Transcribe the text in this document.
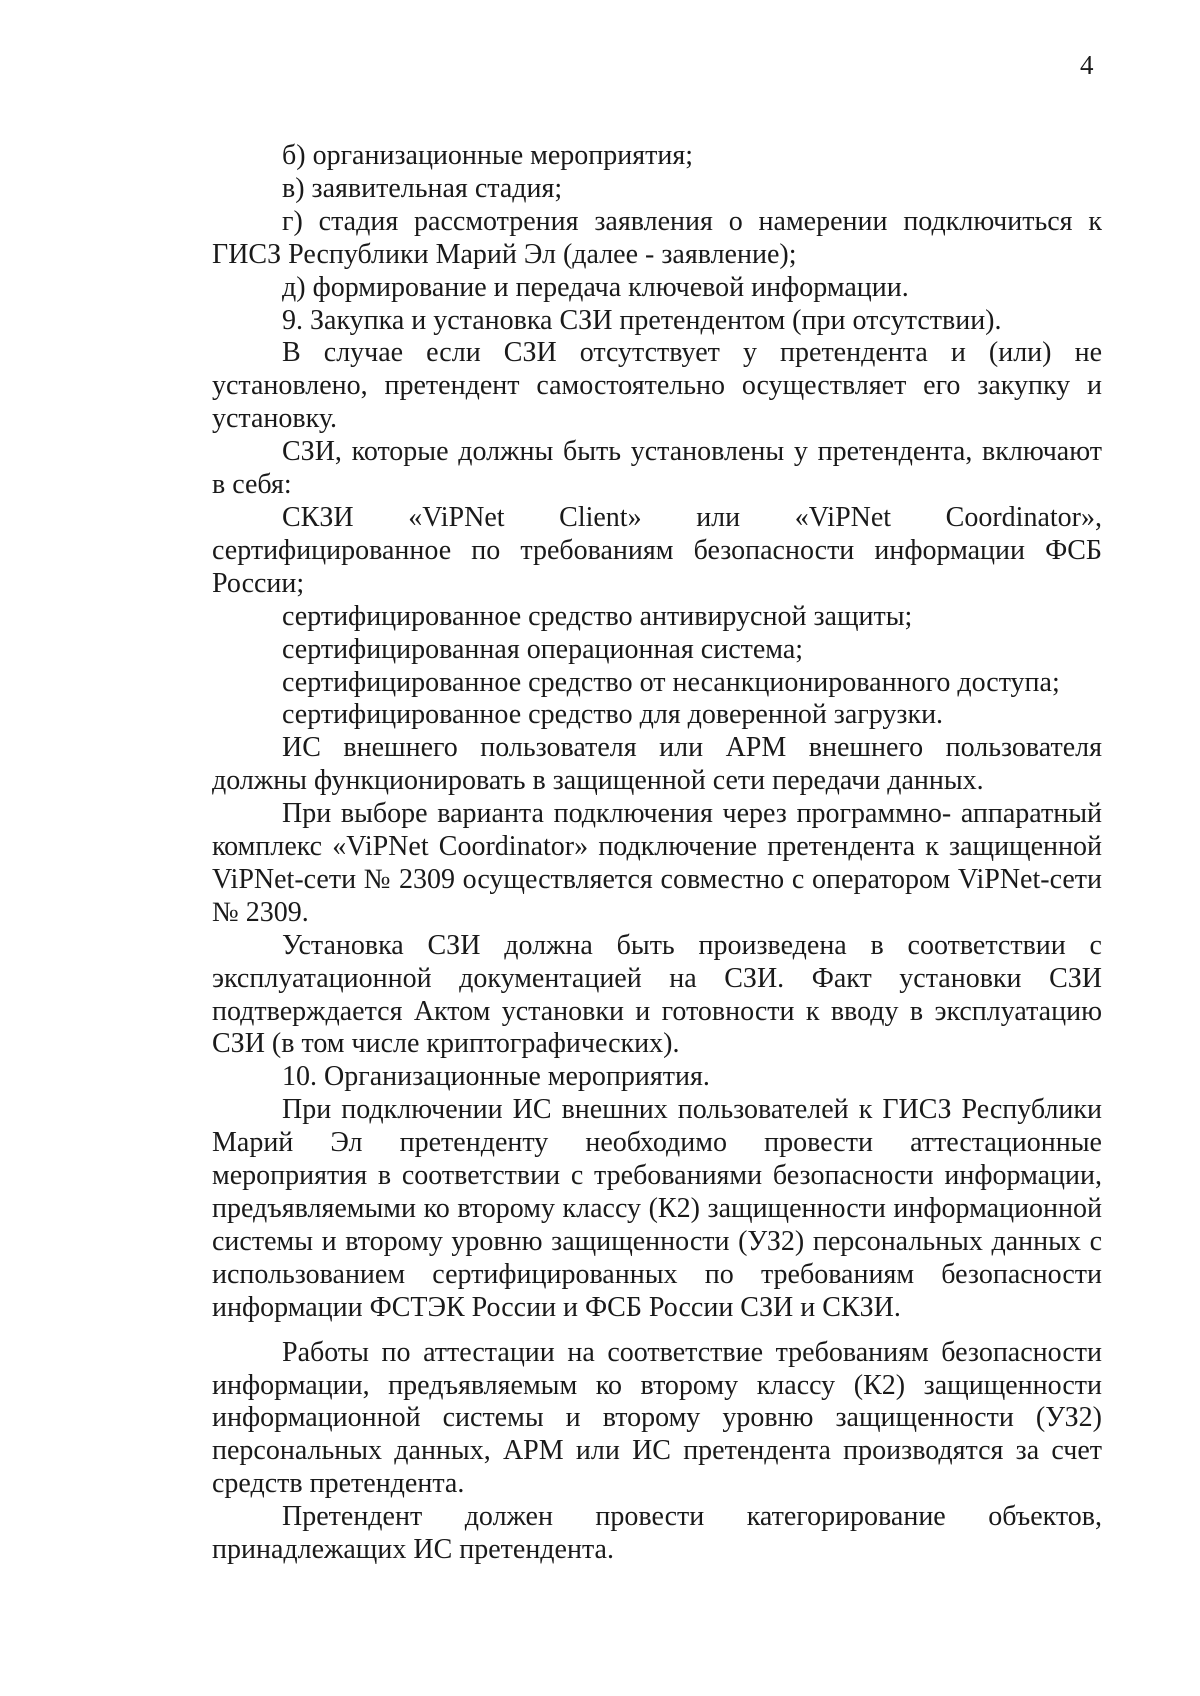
4

б) организационные мероприятия;

в) заявительная стадия;

г) стадия рассмотрения заявления о намерении подключиться к ГИСЗ Республики Марий Эл (далее - заявление);

д) формирование и передача ключевой информации.

9. Закупка и установка СЗИ претендентом (при отсутствии).

В случае если СЗИ отсутствует у претендента и (или) не установлено, претендент самостоятельно осуществляет его закупку и установку.

СЗИ, которые должны быть установлены у претендента, включают в себя:

СКЗИ «ViPNet Client» или «ViPNet Coordinator», сертифицированное по требованиям безопасности информации ФСБ России;

сертифицированное средство антивирусной защиты;

сертифицированная операционная система;

сертифицированное средство от несанкционированного доступа;

сертифицированное средство для доверенной загрузки.

ИС внешнего пользователя или АРМ внешнего пользователя должны функционировать в защищенной сети передачи данных.

При выборе варианта подключения через программно- аппаратный комплекс «ViPNet Coordinator» подключение претендента к защищенной ViPNet-сети № 2309 осуществляется совместно с оператором ViPNet-сети № 2309.

Установка СЗИ должна быть произведена в соответствии с эксплуатационной документацией на СЗИ. Факт установки СЗИ подтверждается Актом установки и готовности к вводу в эксплуатацию СЗИ (в том числе криптографических).

10. Организационные мероприятия.

При подключении ИС внешних пользователей к ГИСЗ Республики Марий Эл претенденту необходимо провести аттестационные мероприятия в соответствии с требованиями безопасности информации, предъявляемыми ко второму классу (К2) защищенности информационной системы и второму уровню защищенности (УЗ2) персональных данных с использованием сертифицированных по требованиям безопасности информации ФСТЭК России и ФСБ России СЗИ и СКЗИ.

Работы по аттестации на соответствие требованиям безопасности информации, предъявляемым ко второму классу (К2) защищенности информационной системы и второму уровню защищенности (УЗ2) персональных данных, АРМ или ИС претендента производятся за счет средств претендента.

Претендент должен провести категорирование объектов, принадлежащих ИС претендента.
